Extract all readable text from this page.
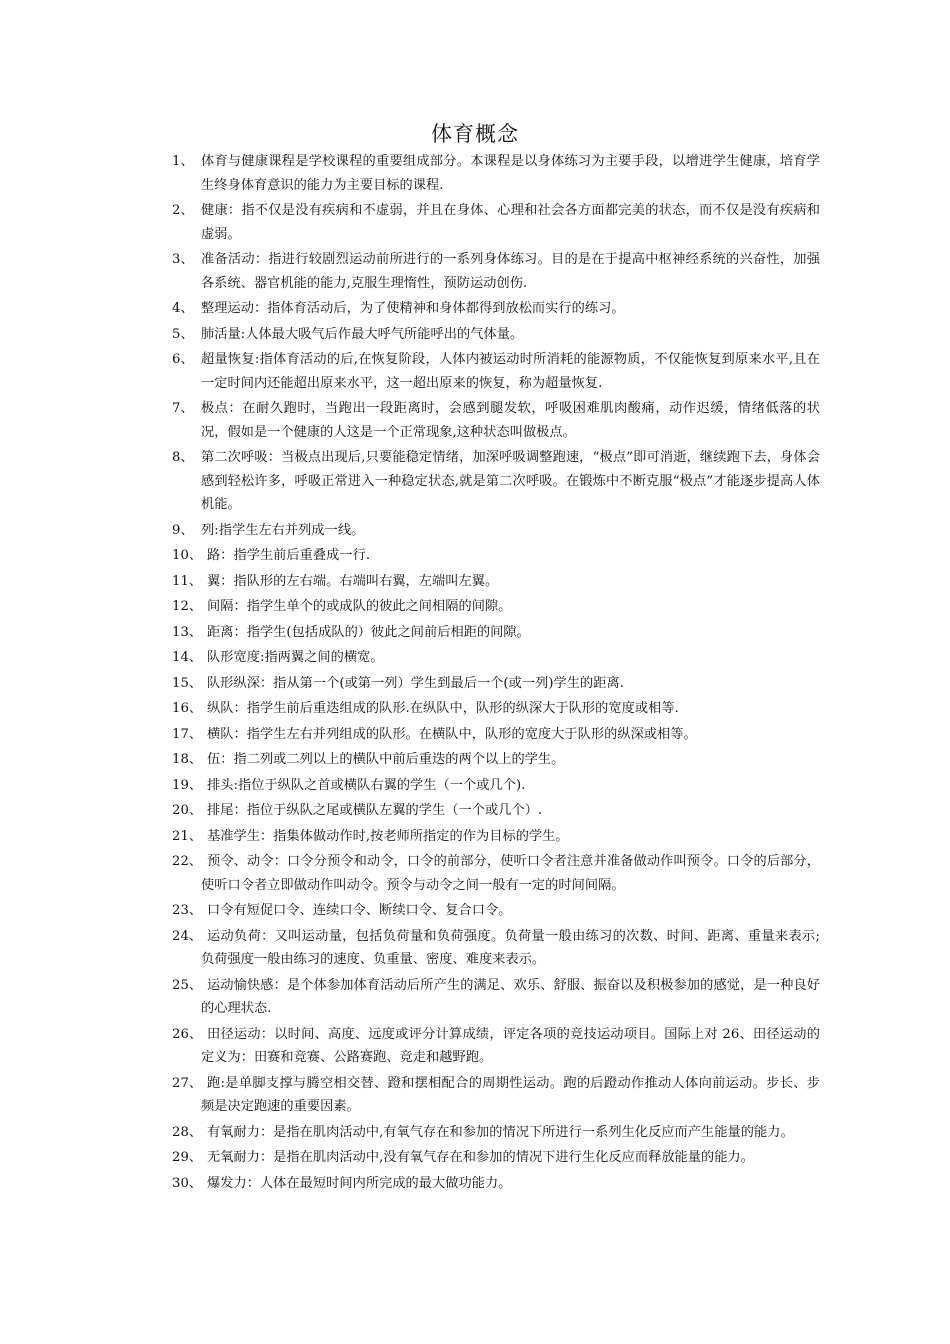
体育概念
1、 体育与健康课程是学校课程的重要组成部分。本课程是以身体练习为主要手段，以增进学生健康，培育学生终身体育意识的能力为主要目标的课程.
2、 健康：指不仅是没有疾病和不虚弱，并且在身体、心理和社会各方面都完美的状态，而不仅是没有疾病和虚弱。
3、 准备活动：指进行较剧烈运动前所进行的一系列身体练习。目的是在于提高中枢神经系统的兴奋性，加强各系统、器官机能的能力,克服生理惰性，预防运动创伤.
4、 整理运动：指体育活动后，为了使精神和身体都得到放松而实行的练习。
5、 肺活量:人体最大吸气后作最大呼气所能呼出的气体量。
6、 超量恢复:指体育活动的后,在恢复阶段，人体内被运动时所消耗的能源物质，不仅能恢复到原来水平,且在一定时间内还能超出原来水平，这一超出原来的恢复，称为超量恢复.
7、 极点：在耐久跑时，当跑出一段距离时，会感到腿发软，呼吸困难肌肉酸痛，动作迟缓，情绪低落的状况，假如是一个健康的人这是一个正常现象,这种状态叫做极点。
8、 第二次呼吸：当极点出现后,只要能稳定情绪，加深呼吸调整跑速，“极点”即可消逝，继续跑下去，身体会感到轻松许多，呼吸正常进入一种稳定状态,就是第二次呼吸。在锻炼中不断克服“极点”才能逐步提高人体机能。
9、 列:指学生左右并列成一线。
10、 路：指学生前后重叠成一行.
11、 翼：指队形的左右端。右端叫右翼，左端叫左翼。
12、 间隔：指学生单个的或成队的彼此之间相隔的间隙。
13、 距离：指学生(包括成队的）彼此之间前后相距的间隙。
14、 队形宽度:指两翼之间的横宽。
15、 队形纵深：指从第一个(或第一列）学生到最后一个(或一列)学生的距离.
16、 纵队：指学生前后重迭组成的队形.在纵队中，队形的纵深大于队形的宽度或相等.
17、 横队：指学生左右并列组成的队形。在横队中，队形的宽度大于队形的纵深或相等。
18、 伍：指二列或二列以上的横队中前后重迭的两个以上的学生。
19、 排头:指位于纵队之首或横队右翼的学生（一个或几个).
20、 排尾：指位于纵队之尾或横队左翼的学生（一个或几个）.
21、 基准学生：指集体做动作时,按老师所指定的作为目标的学生。
22、 预令、动令：口令分预令和动令，口令的前部分，使听口令者注意并准备做动作叫预令。口令的后部分，使听口令者立即做动作叫动令。预令与动令之间一般有一定的时间间隔。
23、 口令有短促口令、连续口令、断续口令、复合口令。
24、 运动负荷：又叫运动量，包括负荷量和负荷强度。负荷量一般由练习的次数、时间、距离、重量来表示;负荷强度一般由练习的速度、负重量、密度、难度来表示。
25、 运动愉快感：是个体参加体育活动后所产生的满足、欢乐、舒服、振奋以及积极参加的感觉，是一种良好的心理状态.
26、 田径运动：以时间、高度、远度或评分计算成绩，评定各项的竞技运动项目。国际上对 26、田径运动的定义为：田赛和竞赛、公路赛跑、竞走和越野跑。
27、 跑:是单脚支撑与腾空相交替、蹬和摆相配合的周期性运动。跑的后蹬动作推动人体向前运动。步长、步频是决定跑速的重要因素。
28、 有氧耐力：是指在肌肉活动中,有氧气存在和参加的情况下所进行一系列生化反应而产生能量的能力。
29、 无氧耐力：是指在肌肉活动中,没有氧气存在和参加的情况下进行生化反应而释放能量的能力。
30、 爆发力：人体在最短时间内所完成的最大做功能力。
